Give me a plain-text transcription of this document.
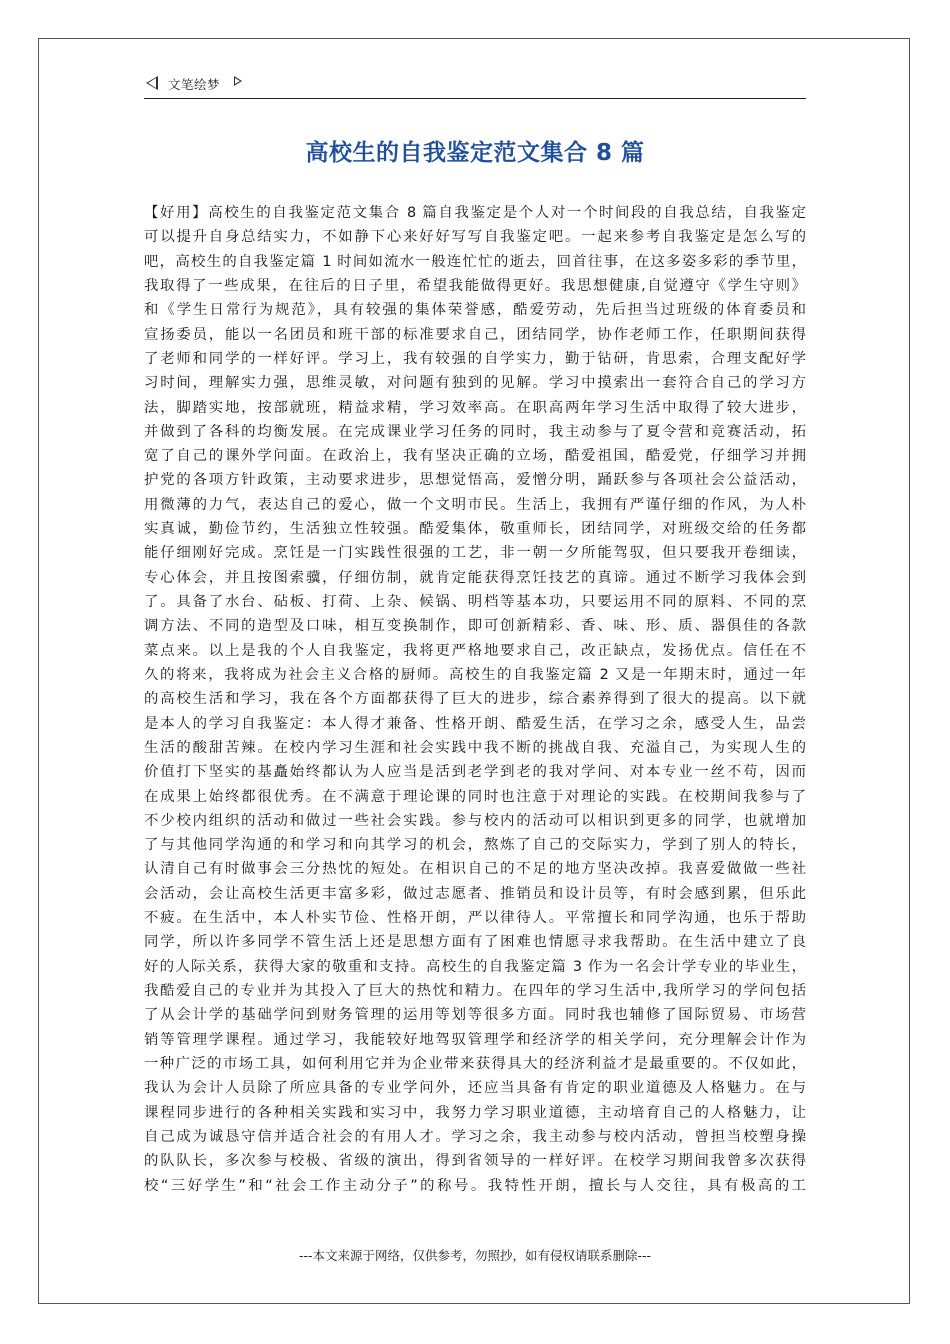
文笔绘梦
高校生的自我鉴定范文集合 8 篇
【好用】高校生的自我鉴定范文集合 8 篇自我鉴定是个人对一个时间段的自我总结，自我鉴定
可以提升自身总结实力，不如静下心来好好写写自我鉴定吧。一起来参考自我鉴定是怎么写的
吧，高校生的自我鉴定篇 1 时间如流水一般连忙忙的逝去，回首往事，在这多姿多彩的季节里，
我取得了一些成果，在往后的日子里，希望我能做得更好。我思想健康,自觉遵守《学生守则》
和《学生日常行为规范》，具有较强的集体荣誉感，酷爱劳动，先后担当过班级的体育委员和
宣扬委员，能以一名团员和班干部的标准要求自己，团结同学，协作老师工作，任职期间获得
了老师和同学的一样好评。学习上，我有较强的自学实力，勤于钻研，肯思索，合理支配好学
习时间，理解实力强，思维灵敏，对问题有独到的见解。学习中摸索出一套符合自己的学习方
法，脚踏实地，按部就班，精益求精，学习效率高。在职高两年学习生活中取得了较大进步，
并做到了各科的均衡发展。在完成课业学习任务的同时，我主动参与了夏令营和竞赛活动，拓
宽了自己的课外学问面。在政治上，我有坚决正确的立场，酷爱祖国，酷爱党，仔细学习并拥
护党的各项方针政策，主动要求进步，思想觉悟高，爱憎分明，踊跃参与各项社会公益活动，
用微薄的力气，表达自己的爱心，做一个文明市民。生活上，我拥有严谨仔细的作风，为人朴
实真诚，勤俭节约，生活独立性较强。酷爱集体，敬重师长，团结同学，对班级交给的任务都
能仔细刚好完成。烹饪是一门实践性很强的工艺，非一朝一夕所能驾驭，但只要我开卷细读，
专心体会，并且按图索骥，仔细仿制，就肯定能获得烹饪技艺的真谛。通过不断学习我体会到
了。具备了水台、砧板、打荷、上杂、候锅、明档等基本功，只要运用不同的原料、不同的烹
调方法、不同的造型及口味，相互变换制作，即可创新精彩、香、味、形、质、器俱佳的各款
菜点来。以上是我的个人自我鉴定，我将更严格地要求自己，改正缺点，发扬优点。信任在不
久的将来，我将成为社会主义合格的厨师。高校生的自我鉴定篇 2 又是一年期末时，通过一年
的高校生活和学习，我在各个方面都获得了巨大的进步，综合素养得到了很大的提高。以下就
是本人的学习自我鉴定：本人得才兼备、性格开朗、酷爱生活，在学习之余，感受人生，品尝
生活的酸甜苦辣。在校内学习生涯和社会实践中我不断的挑战自我、充溢自己，为实现人生的
价值打下坚实的基矗始终都认为人应当是活到老学到老的我对学问、对本专业一丝不苟，因而
在成果上始终都很优秀。在不满意于理论课的同时也注意于对理论的实践。在校期间我参与了
不少校内组织的活动和做过一些社会实践。参与校内的活动可以相识到更多的同学，也就增加
了与其他同学沟通的和学习和向其学习的机会，熬炼了自己的交际实力，学到了别人的特长，
认清自己有时做事会三分热忱的短处。在相识自己的不足的地方坚决改掉。我喜爱做做一些社
会活动，会让高校生活更丰富多彩，做过志愿者、推销员和设计员等，有时会感到累，但乐此
不疲。在生活中，本人朴实节俭、性格开朗，严以律待人。平常擅长和同学沟通，也乐于帮助
同学，所以许多同学不管生活上还是思想方面有了困难也情愿寻求我帮助。在生活中建立了良
好的人际关系，获得大家的敬重和支持。高校生的自我鉴定篇 3 作为一名会计学专业的毕业生，
我酷爱自己的专业并为其投入了巨大的热忱和精力。在四年的学习生活中,我所学习的学问包括
了从会计学的基础学问到财务管理的运用等划等很多方面。同时我也辅修了国际贸易、市场营
销等管理学课程。通过学习，我能较好地驾驭管理学和经济学的相关学问，充分理解会计作为
一种广泛的市场工具，如何利用它并为企业带来获得具大的经济利益才是最重要的。不仅如此，
我认为会计人员除了所应具备的专业学问外，还应当具备有肯定的职业道德及人格魅力。在与
课程同步进行的各种相关实践和实习中，我努力学习职业道德，主动培育自己的人格魅力，让
自己成为诚恳守信并适合社会的有用人才。学习之余，我主动参与校内活动，曾担当校塑身操
的队队长，多次参与校极、省级的演出，得到省领导的一样好评。在校学习期间我曾多次获得
校“三好学生”和“社会工作主动分子”的称号。我特性开朗，擅长与人交往，具有极高的工
---本文来源于网络，仅供参考，勿照抄，如有侵权请联系删除---
